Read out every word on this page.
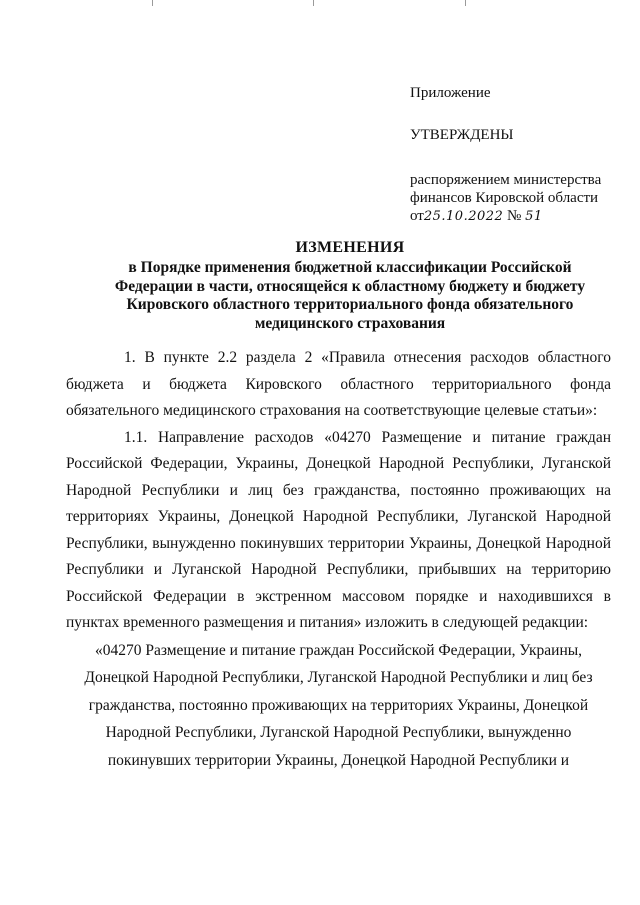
Приложение
УТВЕРЖДЕНЫ
распоряжением министерства
финансов Кировской области
от25.10.2022 № 51
ИЗМЕНЕНИЯ
в Порядке применения бюджетной классификации Российской
Федерации в части, относящейся к областному бюджету и бюджету
Кировского областного территориального фонда обязательного
медицинского страхования

1. В пункте 2.2 раздела 2 «Правила отнесения расходов областного бюджета и бюджета Кировского областного территориального фонда обязательного медицинского страхования на соответствующие целевые статьи»:

1.1. Направление расходов «04270 Размещение и питание граждан Российской Федерации, Украины, Донецкой Народной Республики, Луганской Народной Республики и лиц без гражданства, постоянно проживающих на территориях Украины, Донецкой Народной Республики, Луганской Народной Республики, вынужденно покинувших территории Украины, Донецкой Народной Республики и Луганской Народной Республики, прибывших на территорию Российской Федерации в экстренном массовом порядке и находившихся в пунктах временного размещения и питания» изложить в следующей редакции:

«04270 Размещение и питание граждан Российской Федерации, Украины,
Донецкой Народной Республики, Луганской Народной Республики и лиц без
гражданства, постоянно проживающих на территориях Украины, Донецкой
Народной Республики, Луганской Народной Республики, вынужденно
покинувших территории Украины, Донецкой Народной Республики и
